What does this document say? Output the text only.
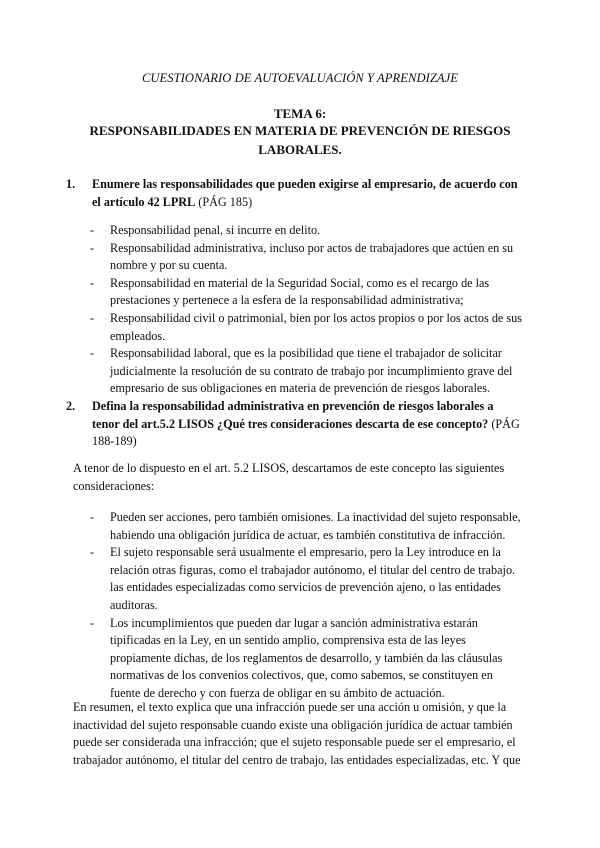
CUESTIONARIO DE AUTOEVALUACIÓN Y APRENDIZAJE
TEMA 6:
RESPONSABILIDADES EN MATERIA DE PREVENCIÓN DE RIESGOS LABORALES.
1. Enumere las responsabilidades que pueden exigirse al empresario, de acuerdo con el artículo 42 LPRL (PÁG 185)
- Responsabilidad penal, si incurre en delito.
- Responsabilidad administrativa, incluso por actos de trabajadores que actúen en su nombre y por su cuenta.
- Responsabilidad en material de la Seguridad Social, como es el recargo de las prestaciones y pertenece a la esfera de la responsabilidad administrativa;
- Responsabilidad civil o patrimonial, bien por los actos propios o por los actos de sus empleados.
- Responsabilidad laboral, que es la posibilidad que tiene el trabajador de solicitar judicialmente la resolución de su contrato de trabajo por incumplimiento grave del empresario de sus obligaciones en materia de prevención de riesgos laborales.
2. Defina la responsabilidad administrativa en prevención de riesgos laborales a tenor del art.5.2 LISOS ¿Qué tres consideraciones descarta de ese concepto? (PÁG 188-189)

A tenor de lo dispuesto en el art. 5.2 LISOS, descartamos de este concepto las siguientes consideraciones:

- Pueden ser acciones, pero también omisiones. La inactividad del sujeto responsable, habiendo una obligación jurídica de actuar, es también constitutiva de infracción.
- El sujeto responsable será usualmente el empresario, pero la Ley introduce en la relación otras figuras, como el trabajador autónomo, el titular del centro de trabajo. las entidades especializadas como servicios de prevención ajeno, o las entidades auditoras.
- Los incumplimientos que pueden dar lugar a sanción administrativa estarán tipificadas en la Ley, en un sentido amplio, comprensiva esta de las leyes propiamente dichas, de los reglamentos de desarrollo, y también da las cláusulas normativas de los convenios colectivos, que, como sabemos, se constituyen en fuente de derecho y con fuerza de obligar en su ámbito de actuación.

En resumen, el texto explica que una infracción puede ser una acción u omisión, y que la inactividad del sujeto responsable cuando existe una obligación jurídica de actuar también puede ser considerada una infracción; que el sujeto responsable puede ser el empresario, el trabajador autónomo, el titular del centro de trabajo, las entidades especializadas, etc. Y que
